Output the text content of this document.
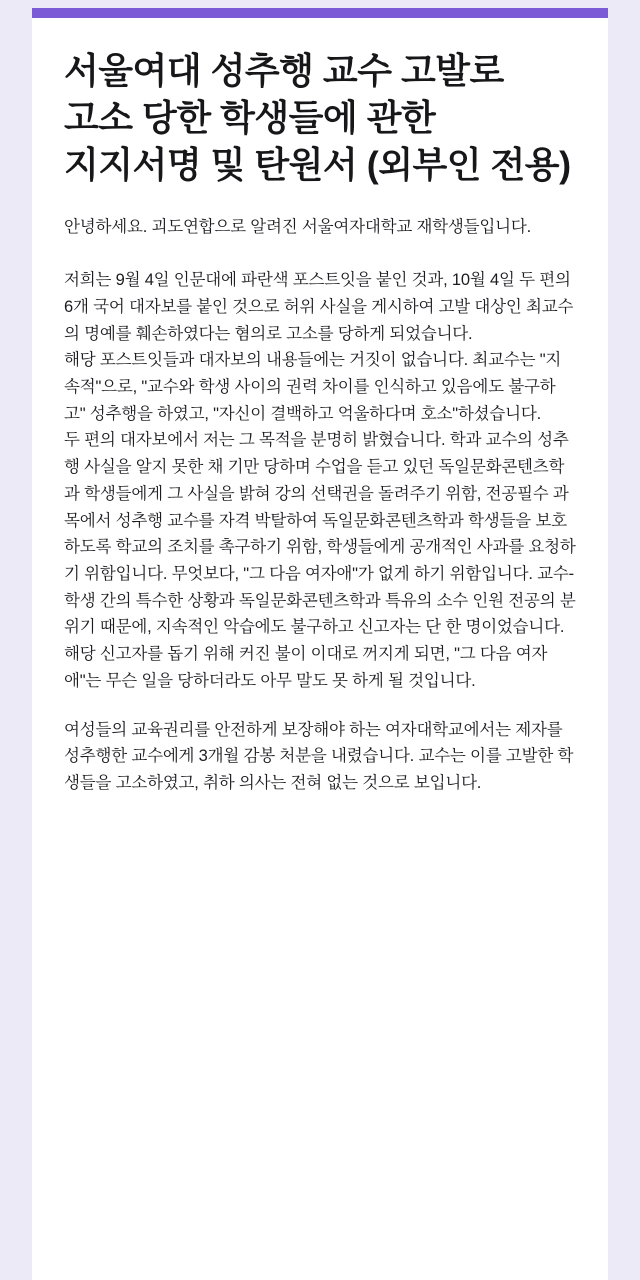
서울여대 성추행 교수 고발로 고소 당한 학생들에 관한 지지서명 및 탄원서 (외부인 전용)

안녕하세요. 괴도연합으로 알려진 서울여자대학교 재학생들입니다.

저희는 9월 4일 인문대에 파란색 포스트잇을 붙인 것과, 10월 4일 두 편의 6개 국어 대자보를 붙인 것으로 허위 사실을 게시하여 고발 대상인 최교수의 명예를 훼손하였다는 혐의로 고소를 당하게 되었습니다.

해당 포스트잇들과 대자보의 내용들에는 거짓이 없습니다. 최교수는 "지속적"으로, "교수와 학생 사이의 권력 차이를 인식하고 있음에도 불구하고" 성추행을 하였고, "자신이 결백하고 억울하다며 호소"하셨습니다.

두 편의 대자보에서 저는 그 목적을 분명히 밝혔습니다. 학과 교수의 성추행 사실을 알지 못한 채 기만 당하며 수업을 듣고 있던 독일문화콘텐츠학과 학생들에게 그 사실을 밝혀 강의 선택권을 돌려주기 위함, 전공필수 과목에서 성추행 교수를 자격 박탈하여 독일문화콘텐츠학과 학생들을 보호하도록 학교의 조치를 촉구하기 위함, 학생들에게 공개적인 사과를 요청하기 위함입니다. 무엇보다, "그 다음 여자애"가 없게 하기 위함입니다. 교수-학생 간의 특수한 상황과 독일문화콘텐츠학과 특유의 소수 인원 전공의 분위기 때문에, 지속적인 악습에도 불구하고 신고자는 단 한 명이었습니다. 해당 신고자를 돕기 위해 커진 불이 이대로 꺼지게 되면, "그 다음 여자애"는 무슨 일을 당하더라도 아무 말도 못 하게 될 것입니다.

여성들의 교육권리를 안전하게 보장해야 하는 여자대학교에서는 제자를 성추행한 교수에게 3개월 감봉 처분을 내렸습니다. 교수는 이를 고발한 학생들을 고소하였고, 취하 의사는 전혀 없는 것으로 보입니다.
